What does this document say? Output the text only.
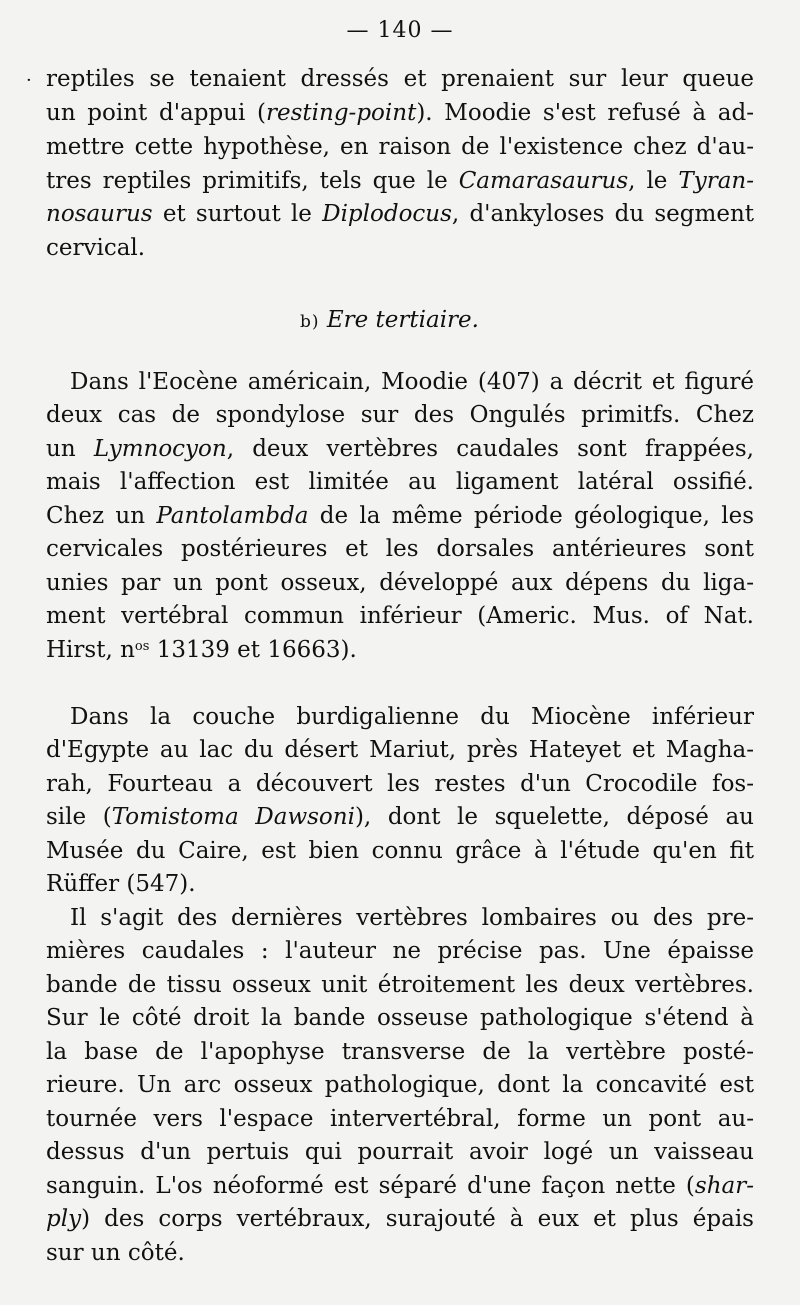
— 140 —
· reptiles se tenaient dressés et prenaient sur leur queue
un point d'appui (resting-point). Moodie s'est refusé à ad-
mettre cette hypothèse, en raison de l'existence chez d'au-
tres reptiles primitifs, tels que le Camarasaurus, le Tyran-
nosaurus et surtout le Diplodocus, d'ankyloses du segment
cervical.
b) Ere tertiaire.
Dans l'Eocène américain, Moodie (407) a décrit et figuré
deux cas de spondylose sur des Ongulés primitfs. Chez
un Lymnocyon, deux vertèbres caudales sont frappées,
mais l'affection est limitée au ligament latéral ossifié.
Chez un Pantolambda de la même période géologique, les
cervicales postérieures et les dorsales antérieures sont
unies par un pont osseux, développé aux dépens du liga-
ment vertébral commun inférieur (Americ. Mus. of Nat.
Hirst, $n^{os}$ 13139 et 16663).
Dans la couche burdigalienne du Miocène inférieur
d'Egypte au lac du désert Mariut, près Hateyet et Magha-
rah, Fourteau a découvert les restes d'un Crocodile fos-
sile (Tomistoma Dawsoni), dont le squelette, déposé au
Musée du Caire, est bien connu grâce à l'étude qu'en fit
Rüffer (547).
Il s'agit des dernières vertèbres lombaires ou des pre-
mières caudales : l'auteur ne précise pas. Une épaisse
bande de tissu osseux unit étroitement les deux vertèbres.
Sur le côté droit la bande osseuse pathologique s'étend à
la base de l'apophyse transverse de la vertèbre posté-
rieure. Un arc osseux pathologique, dont la concavité est
tournée vers l'espace intervertébral, forme un pont au-
dessus d'un pertuis qui pourrait avoir logé un vaisseau
sanguin. L'os néoformé est séparé d'une façon nette (shar-
ply) des corps vertébraux, surajouté à eux et plus épais
sur un côté.
